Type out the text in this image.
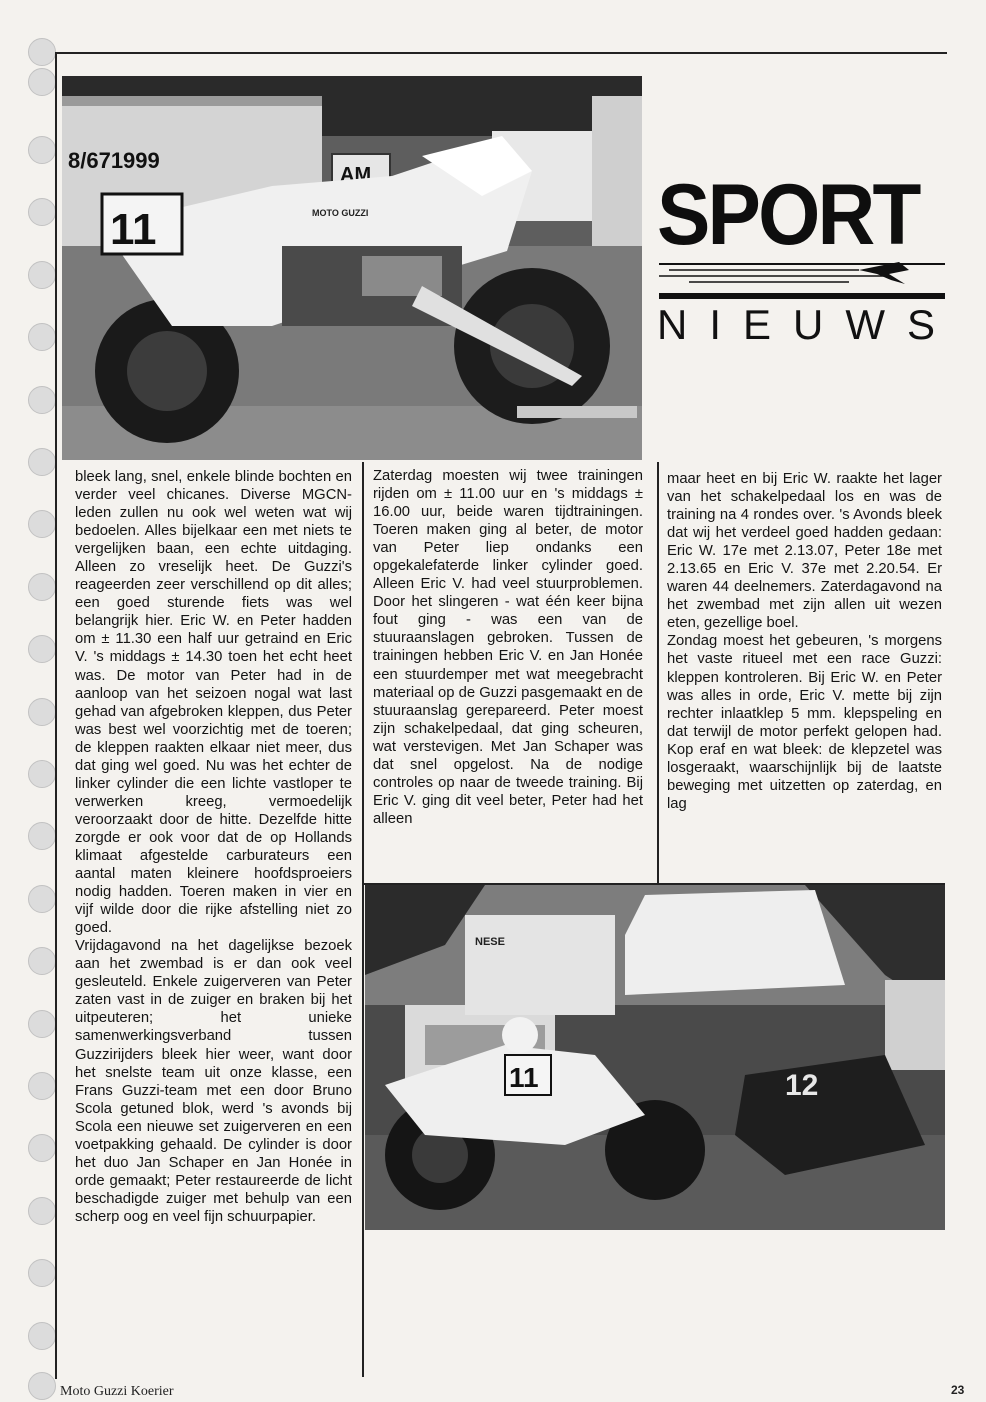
8/671999
AM
11	MOTO GUZZI	SPORT
NIEUWS

bleek lang, snel, enkele blinde bochten en verder veel chicanes. Diverse MGCN-leden zullen nu ook wel weten wat wij bedoelen. Alles bijelkaar een met niets te vergelijken baan, een echte uitdaging. Alleen zo vreselijk heet. De Guzzi's reageerden zeer verschillend op dit alles; een goed sturende fiets was wel belangrijk hier. Eric W. en Peter hadden om ± 11.30 een half uur getraind en Eric V. 's middags ± 14.30 toen het echt heet was. De motor van Peter had in de aanloop van het seizoen nogal wat last gehad van afgebroken kleppen, dus Peter was best wel voorzichtig met de toeren; de kleppen raakten elkaar niet meer, dus dat ging wel goed. Nu was het echter de linker cylinder die een lichte vastloper te verwerken kreeg, vermoedelijk veroorzaakt door de hitte. Dezelfde hitte zorgde er ook voor dat de op Hollands klimaat afgestelde carburateurs een aantal maten kleinere hoofdsproeiers nodig hadden. Toeren maken in vier en vijf wilde door die rijke afstelling niet zo goed.

Vrijdagavond na het dagelijkse bezoek aan het zwembad is er dan ook veel gesleuteld. Enkele zuigerveren van Peter zaten vast in de zuiger en braken bij het uitpeuteren; het unieke samenwerkingsverband tussen Guzzirijders bleek hier weer, want door het snelste team uit onze klasse, een Frans Guzzi-team met een door Bruno Scola getuned blok, werd 's avonds bij Scola een nieuwe set zuigerveren en een voetpakking gehaald. De cylinder is door het duo Jan Schaper en Jan Honée in orde gemaakt; Peter restaureerde de licht beschadigde zuiger met behulp van een scherp oog en veel fijn schuurpapier.

Zaterdag moesten wij twee trainingen rijden om ± 11.00 uur en 's middags ± 16.00 uur, beide waren tijdtrainingen. Toeren maken ging al beter, de motor van Peter liep ondanks een opgekalefaterde linker cylinder goed. Alleen Eric V. had veel stuurproblemen. Door het slingeren - wat één keer bijna fout ging - was een van de stuuraanslagen gebroken. Tussen de trainingen hebben Eric V. en Jan Honée een stuurdemper met wat meegebracht materiaal op de Guzzi pasgemaakt en de stuuraanslag gerepareerd. Peter moest zijn schakelpedaal, dat ging scheuren, wat verstevigen. Met Jan Schaper was dat snel opgelost. Na de nodige controles op naar de tweede training. Bij Eric V. ging dit veel beter, Peter had het alleen

maar heet en bij Eric W. raakte het lager van het schakelpedaal los en was de training na 4 rondes over. 's Avonds bleek dat wij het verdeel goed hadden gedaan: Eric W. 17e met 2.13.07, Peter 18e met 2.13.65 en Eric V. 37e met 2.20.54. Er waren 44 deelnemers. Zaterdagavond na het zwembad met zijn allen uit wezen eten, gezellige boel.

Zondag moest het gebeuren, 's morgens het vaste ritueel met een race Guzzi: kleppen kontroleren. Bij Eric W. en Peter was alles in orde, Eric V. mette bij zijn rechter inlaatklep 5 mm. klepspeling en dat terwijl de motor perfekt gelopen had. Kop eraf en wat bleek: de klepzetel was losgeraakt, waarschijnlijk bij de laatste beweging met uitzetten op zaterdag, en lag

NESE
11	12
Moto Guzzi Koerier	23
